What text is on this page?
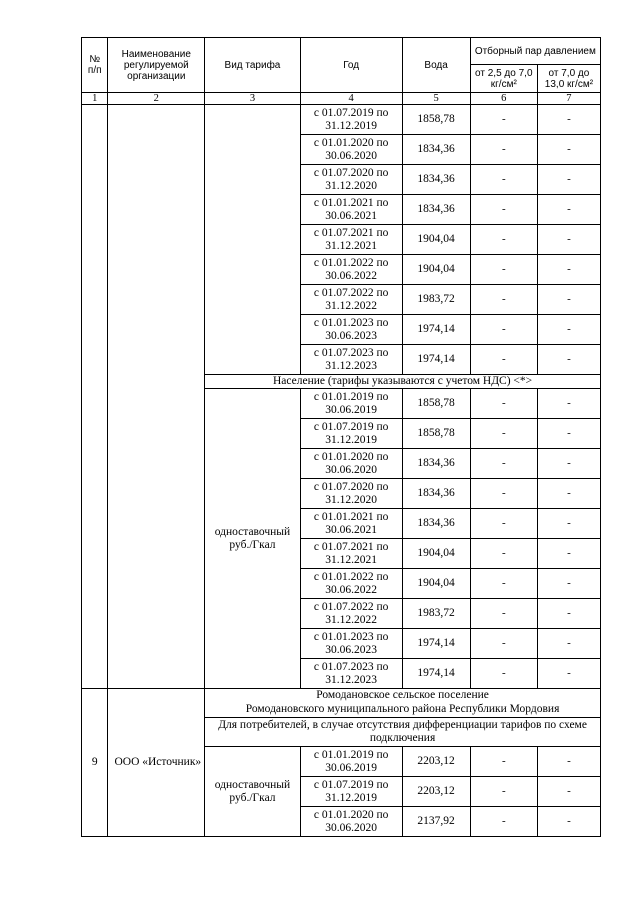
№ п/п	Наименование регулируемой организации	Вид тарифа	Год	Вода	Отборный пар давлением	
					от 2,5 до 7,0 кг/см²	от 7,0 до 13,0 кг/см²
1	2	3	4	5	6	7
			с 01.07.2019 по 31.12.2019	1858,78	-	-
			с 01.01.2020 по 30.06.2020	1834,36	-	-
			с 01.07.2020 по 31.12.2020	1834,36	-	-
			с 01.01.2021 по 30.06.2021	1834,36	-	-
			с 01.07.2021 по 31.12.2021	1904,04	-	-
			с 01.01.2022 по 30.06.2022	1904,04	-	-
			с 01.07.2022 по 31.12.2022	1983,72	-	-
			с 01.01.2023 по 30.06.2023	1974,14	-	-
			с 01.07.2023 по 31.12.2023	1974,14	-	-
		Население (тарифы указываются с учетом НДС) <*>				
		одноставочный руб./Гкал	с 01.01.2019 по 30.06.2019	1858,78	-	-
			с 01.07.2019 по 31.12.2019	1858,78	-	-
			с 01.01.2020 по 30.06.2020	1834,36	-	-
			с 01.07.2020 по 31.12.2020	1834,36	-	-
			с 01.01.2021 по 30.06.2021	1834,36	-	-
			с 01.07.2021 по 31.12.2021	1904,04	-	-
			с 01.01.2022 по 30.06.2022	1904,04	-	-
			с 01.07.2022 по 31.12.2022	1983,72	-	-
			с 01.01.2023 по 30.06.2023	1974,14	-	-
			с 01.07.2023 по 31.12.2023	1974,14	-	-
9	ООО «Источник»	Ромодановское сельское поселение				
		Ромодановского муниципального района Республики Мордовия				
		Для потребителей, в случае отсутствия дифференциации тарифов по схеме подключения				
		одноставочный руб./Гкал	с 01.01.2019 по 30.06.2019	2203,12	-	-
			с 01.07.2019 по 31.12.2019	2203,12	-	-
			с 01.01.2020 по 30.06.2020	2137,92	-	-
